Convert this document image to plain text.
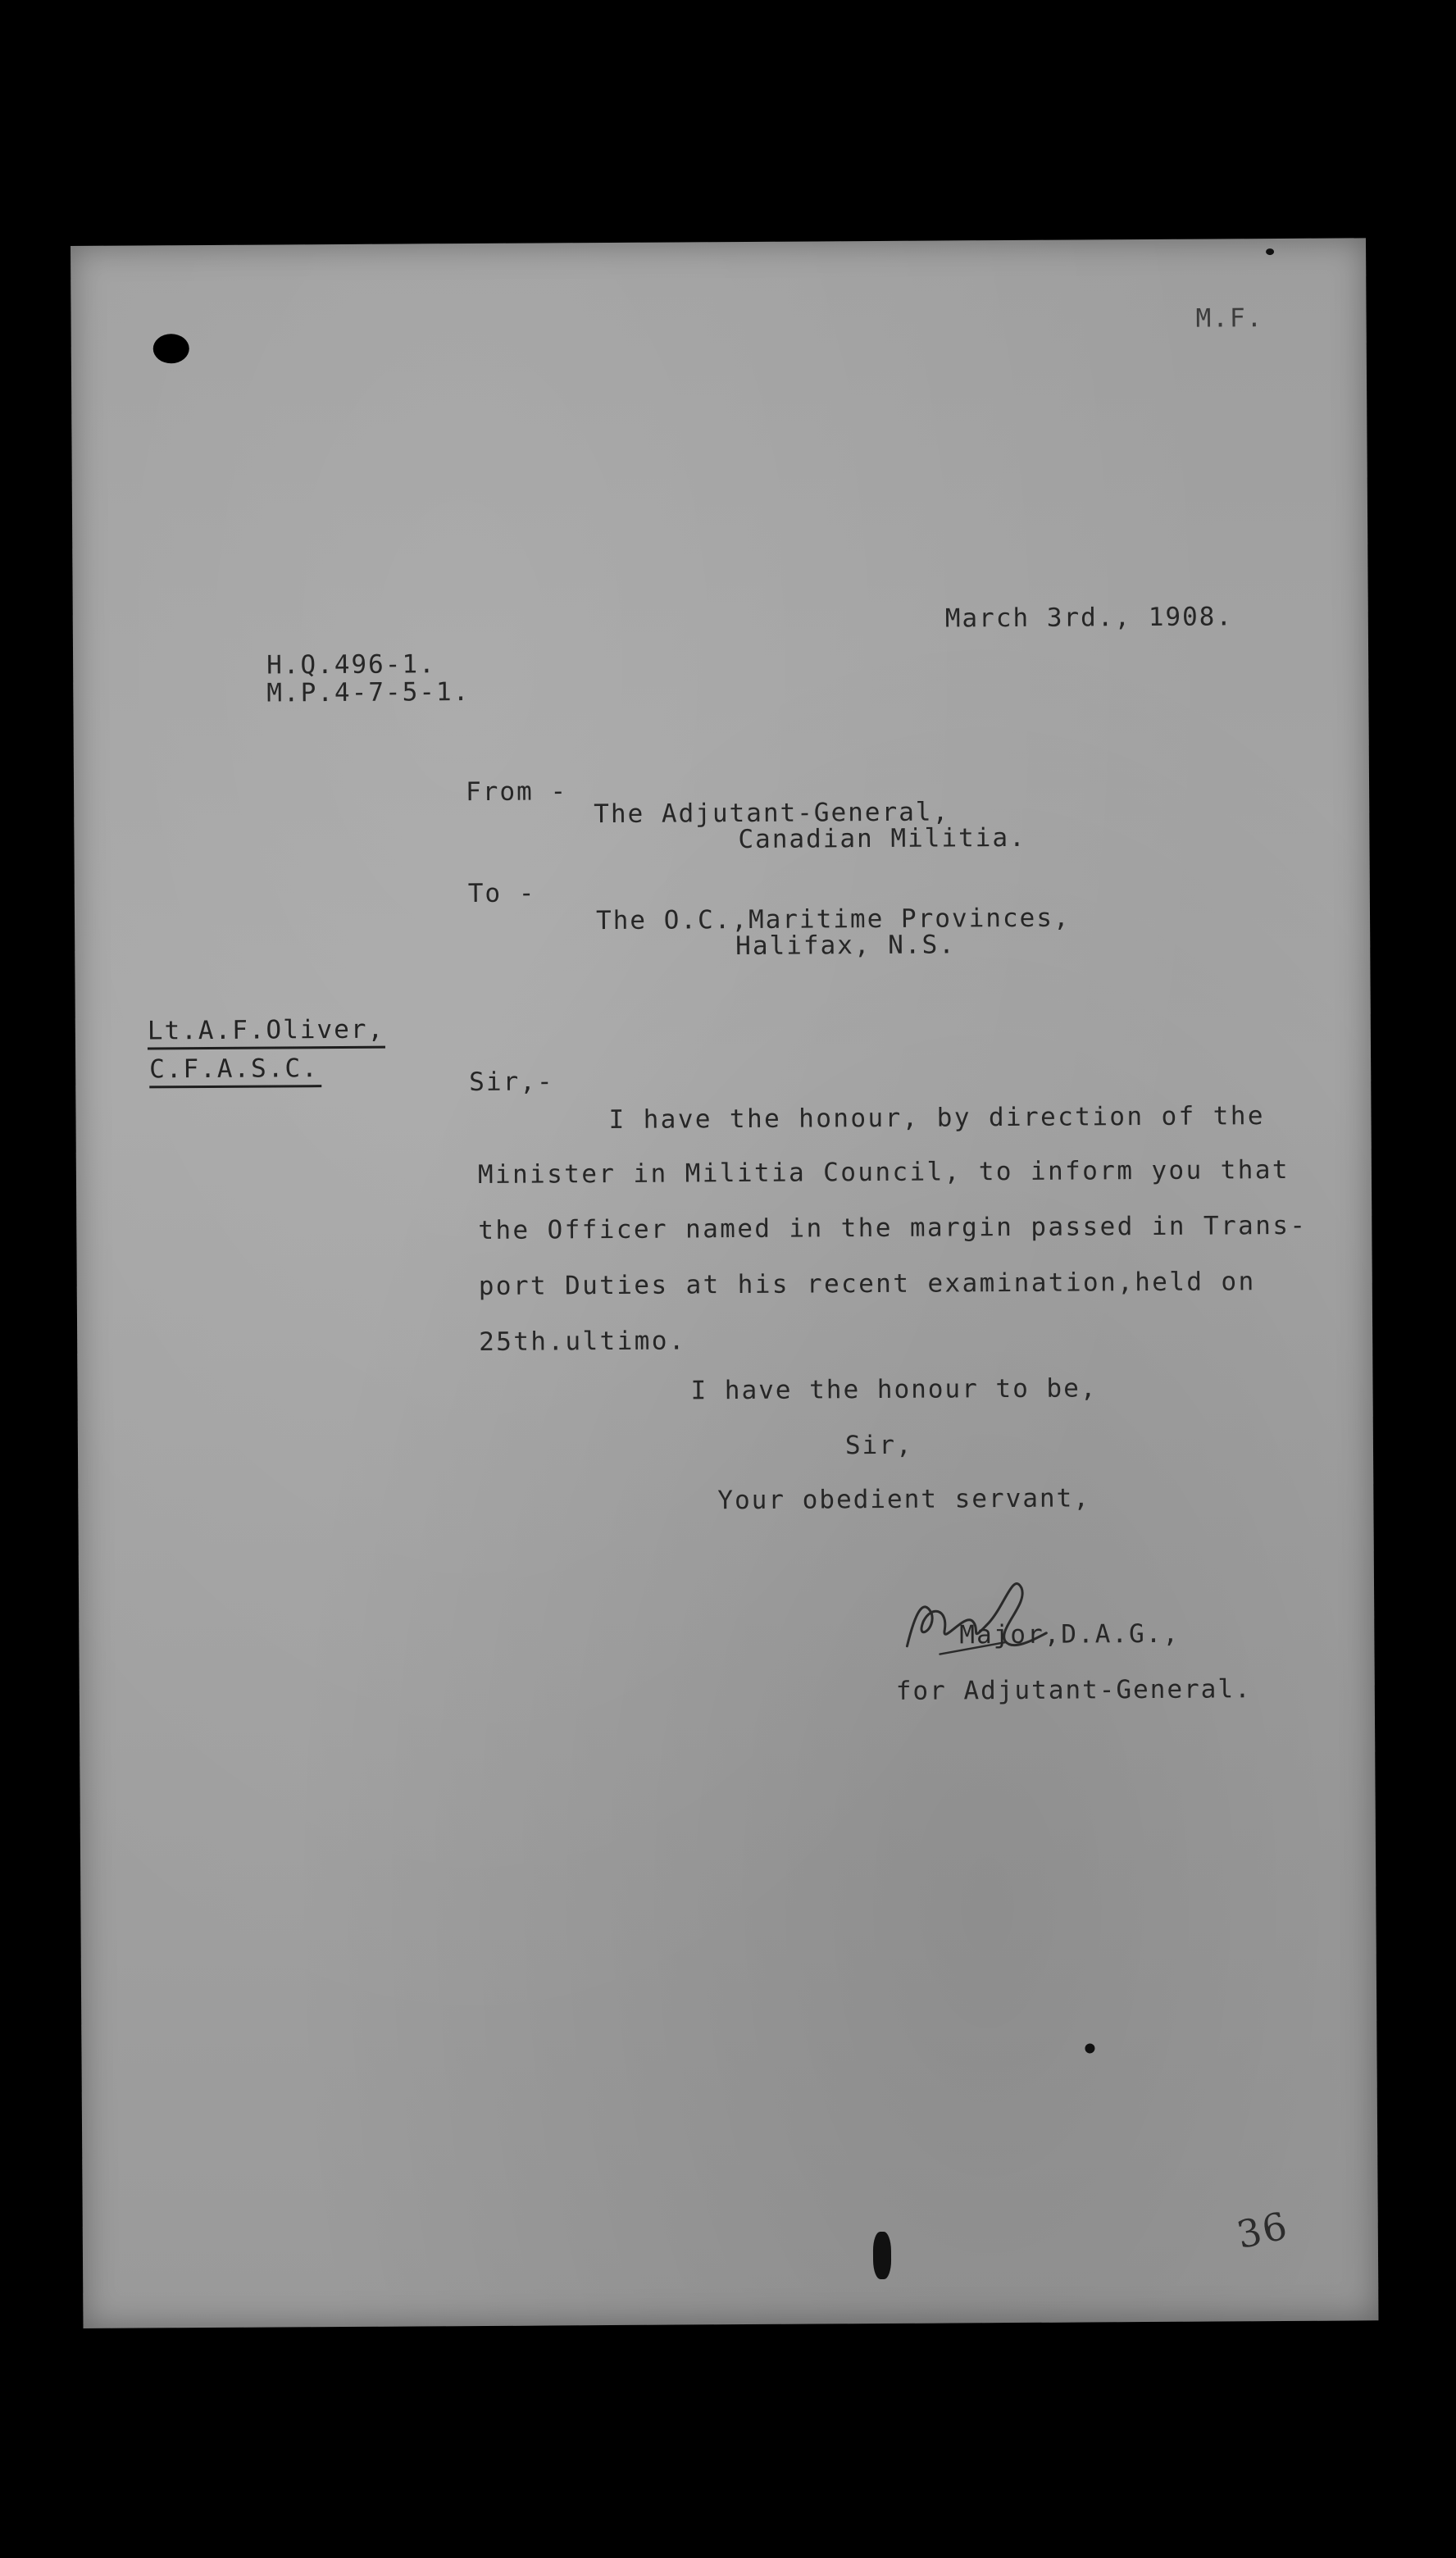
M.F.
March 3rd., 1908.
H.Q.496-1.
M.P.4-7-5-1.
From -
The Adjutant-General,
Canadian Militia.
To -
The O.C.,Maritime Provinces,
Halifax, N.S.
Lt.A.F.Oliver,
C.F.A.S.C.	Sir,-
I have the honour, by direction of the
Minister in Militia Council, to inform you that
the Officer named in the margin passed in Trans-
port Duties at his recent examination,held on
25th.ultimo.
I have the honour to be,
Sir,
Your obedient servant,
Major,D.A.G.,
for Adjutant-General.
36
